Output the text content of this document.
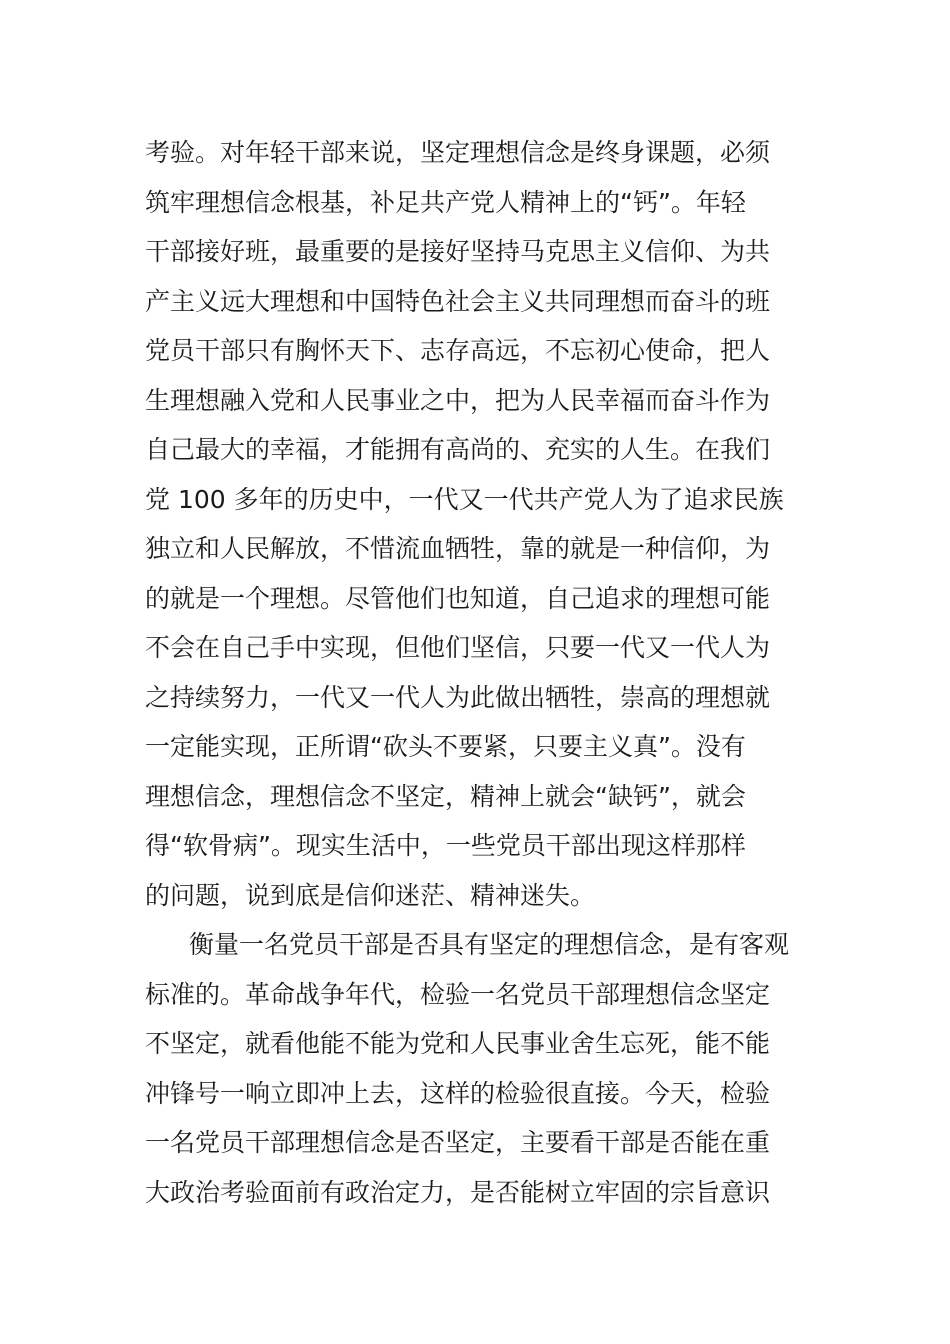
考验。对年轻干部来说，坚定理想信念是终身课题，必须
筑牢理想信念根基，补足共产党人精神上的“钙”。年轻
干部接好班，最重要的是接好坚持马克思主义信仰、为共
产主义远大理想和中国特色社会主义共同理想而奋斗的班
党员干部只有胸怀天下、志存高远，不忘初心使命，把人
生理想融入党和人民事业之中，把为人民幸福而奋斗作为
自己最大的幸福，才能拥有高尚的、充实的人生。在我们
党 100 多年的历史中，一代又一代共产党人为了追求民族
独立和人民解放，不惜流血牺牲，靠的就是一种信仰，为
的就是一个理想。尽管他们也知道，自己追求的理想可能
不会在自己手中实现，但他们坚信，只要一代又一代人为
之持续努力，一代又一代人为此做出牺牲，崇高的理想就
一定能实现，正所谓“砍头不要紧，只要主义真”。没有
理想信念，理想信念不坚定，精神上就会“缺钙”，就会
得“软骨病”。现实生活中，一些党员干部出现这样那样
的问题，说到底是信仰迷茫、精神迷失。
衡量一名党员干部是否具有坚定的理想信念，是有客观
标准的。革命战争年代，检验一名党员干部理想信念坚定
不坚定，就看他能不能为党和人民事业舍生忘死，能不能
冲锋号一响立即冲上去，这样的检验很直接。今天，检验
一名党员干部理想信念是否坚定，主要看干部是否能在重
大政治考验面前有政治定力，是否能树立牢固的宗旨意识
